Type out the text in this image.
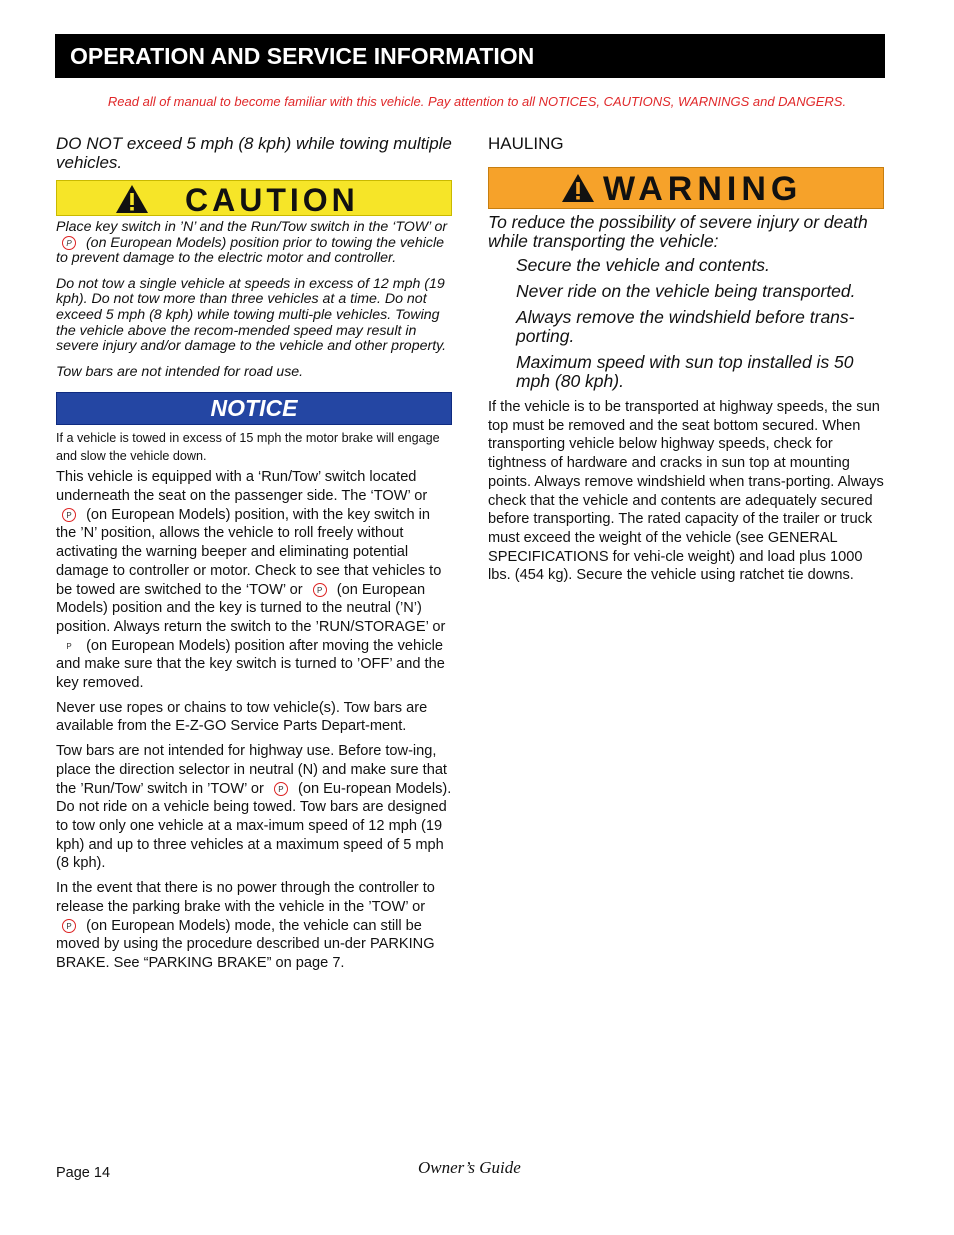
OPERATION AND SERVICE INFORMATION
Read all of manual to become familiar with this vehicle. Pay attention to all NOTICES, CAUTIONS, WARNINGS and DANGERS.

DO NOT exceed 5 mph (8 kph) while towing multiple vehicles.

CAUTION

Place key switch in ’N’ and the Run/Tow switch in the ‘TOW’ or P (on European Models) position prior to towing the vehicle to prevent damage to the electric motor and controller.

Do not tow a single vehicle at speeds in excess of 12 mph (19 kph). Do not tow more than three vehicles at a time. Do not exceed 5 mph (8 kph) while towing multi-ple vehicles. Towing the vehicle above the recom-mended speed may result in severe injury and/or damage to the vehicle and other property.

Tow bars are not intended for road use.

NOTICE

If a vehicle is towed in excess of 15 mph the motor brake will engage and slow the vehicle down.

This vehicle is equipped with a ‘Run/Tow’ switch located underneath the seat on the passenger side. The ‘TOW’ or P (on European Models) position, with the key switch in the ’N’ position, allows the vehicle to roll freely without activating the warning beeper and eliminating potential damage to controller or motor. Check to see that vehicles to be towed are switched to the ‘TOW’ or P (on European Models) position and the key is turned to the neutral (’N’) position. Always return the switch to the ’RUN/STORAGE’ or P (on European Models) position after moving the vehicle and make sure that the key switch is turned to ’OFF’ and the key removed.

Never use ropes or chains to tow vehicle(s). Tow bars are available from the E-Z-GO Service Parts Depart-ment.

Tow bars are not intended for highway use. Before tow-ing, place the direction selector in neutral (N) and make sure that the ’Run/Tow’ switch in ’TOW’ or P (on Eu-ropean Models). Do not ride on a vehicle being towed. Tow bars are designed to tow only one vehicle at a max-imum speed of 12 mph (19 kph) and up to three vehicles at a maximum speed of 5 mph (8 kph).

In the event that there is no power through the controller to release the parking brake with the vehicle in the ’TOW’ or P (on European Models) mode, the vehicle can still be moved by using the procedure described un-der PARKING BRAKE. See “PARKING BRAKE” on page 7.

HAULING

WARNING

To reduce the possibility of severe injury or death while transporting the vehicle:

Secure the vehicle and contents.

Never ride on the vehicle being transported.

Always remove the windshield before trans-porting.

Maximum speed with sun top installed is 50 mph (80 kph).

If the vehicle is to be transported at highway speeds, the sun top must be removed and the seat bottom secured. When transporting vehicle below highway speeds, check for tightness of hardware and cracks in sun top at mounting points. Always remove windshield when trans-porting. Always check that the vehicle and contents are adequately secured before transporting. The rated capacity of the trailer or truck must exceed the weight of the vehicle (see GENERAL SPECIFICATIONS for vehi-cle weight) and load plus 1000 lbs. (454 kg). Secure the vehicle using ratchet tie downs.

Page 14	Owner’s Guide
